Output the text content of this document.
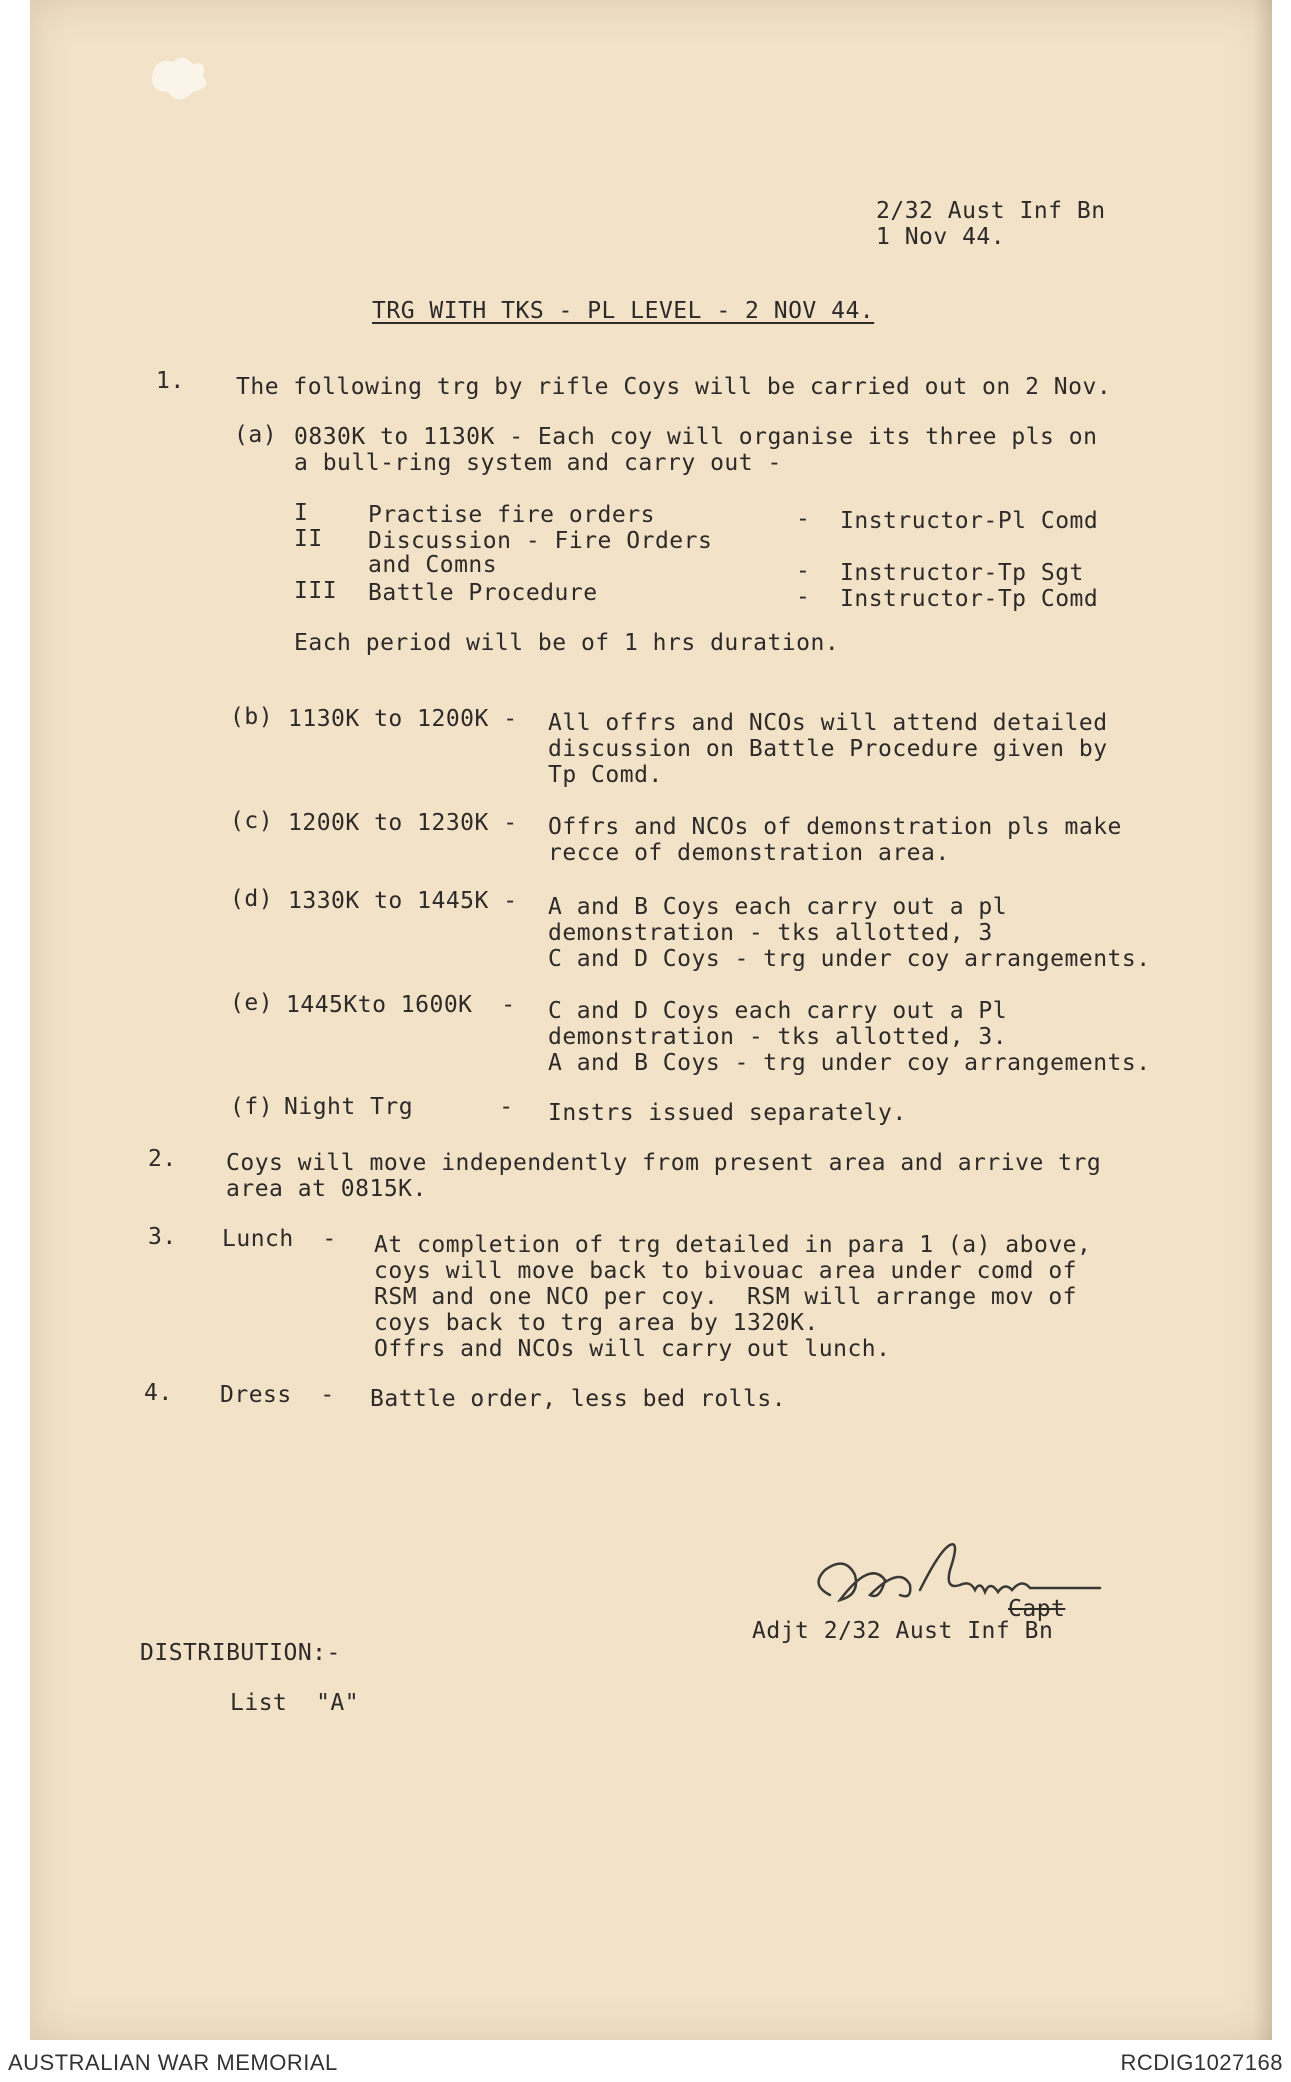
2/32 Aust Inf Bn
1 Nov 44.
TRG WITH TKS - PL LEVEL - 2 NOV 44.
1. The following trg by rifle Coys will be carried out on 2 Nov.
(a) 0830K to 1130K - Each coy will organise its three pls on
a bull-ring system and carry out -
I	Practise fire orders	- Instructor-Pl Comd
II Discussion - Fire Orders
and Comns	- Instructor-Tp Sgt
III Battle Procedure	- Instructor-Tp Comd
Each period will be of 1 hrs duration.
(b) 1130K to 1200K - All offrs and NCOs will attend detailed
discussion on Battle Procedure given by
Tp Comd.
(c) 1200K to 1230K - Offrs and NCOs of demonstration pls make
recce of demonstration area.
(d) 1330K to 1445K - A and B Coys each carry out a pl
demonstration - tks allotted, 3
C and D Coys - trg under coy arrangements.
(e) 1445Kto 1600K  - C and D Coys each carry out a Pl
demonstration - tks allotted, 3.
A and B Coys - trg under coy arrangements.
(f) Night Trg      - Instrs issued separately.
2. Coys will move independently from present area and arrive trg
area at 0815K.
3. Lunch  - At completion of trg detailed in para 1 (a) above,
coys will move back to bivouac area under comd of
RSM and one NCO per coy.  RSM will arrange mov of
coys back to trg area by 1320K.
Offrs and NCOs will carry out lunch.
4. Dress  - Battle order, less bed rolls.
Capt
Adjt 2/32 Aust Inf Bn
DISTRIBUTION:-
List  "A"
AUSTRALIAN WAR MEMORIAL	RCDIG1027168
